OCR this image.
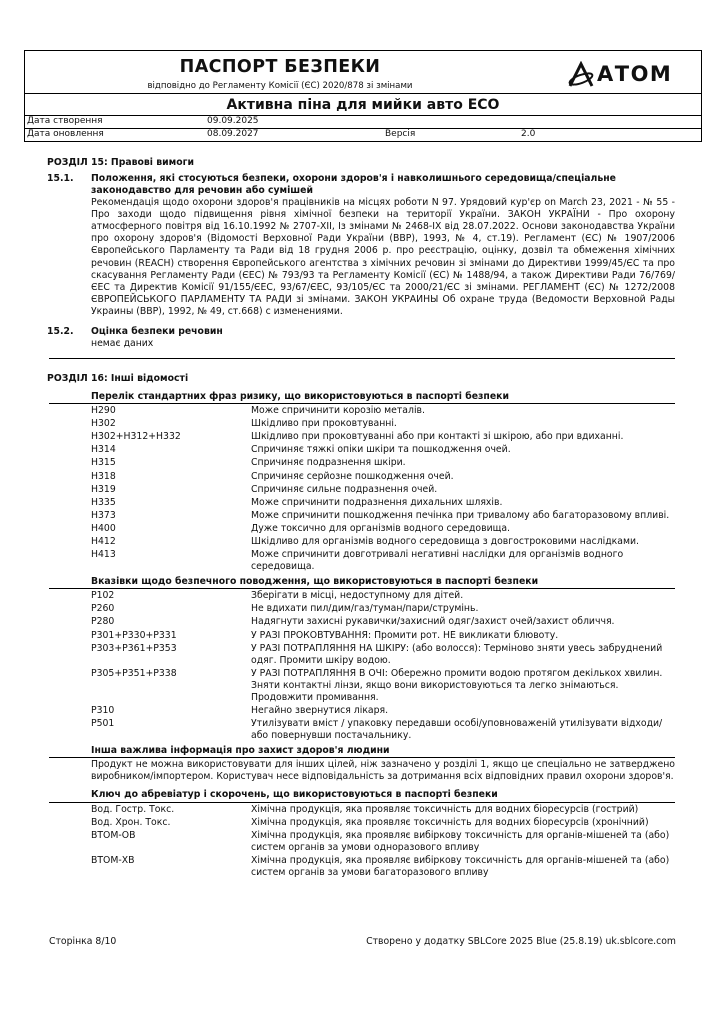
ПАСПОРТ БЕЗПЕКИ
відповідно до Регламенту Комісії (ЄС) 2020/878 зі змінами	АТОМ
Активна піна для мийки авто ECO
Дата створення	09.09.2025
Дата оновлення	08.09.2027	Версія	2.0
РОЗДІЛ 15: Правові вимоги
15.1. Положення, які стосуються безпеки, охорони здоров'я і навколишнього середовища/спеціальне законодавство для речовин або сумішей
Рекомендація щодо охорони здоров'я працівників на місцях роботи N 97. Урядовий кур'єр on March 23, 2021 - № 55 - Про заходи щодо підвищення рівня хімічної безпеки на території України. ЗАКОН УКРАЇНИ - Про охорону атмосферного повітря від 16.10.1992 № 2707-XII, Із змінами № 2468-IX від 28.07.2022. Основи законодавства України про охорону здоров'я (Відомості Верховної Ради України (ВВР), 1993, № 4, ст.19). Регламент (ЄС) № 1907/2006 Європейського Парламенту та Ради від 18 грудня 2006 р. про реєстрацію, оцінку, дозвіл та обмеження хімічних речовин (REACH) створення Європейського агентства з хімічних речовин зі змінами до Директиви 1999/45/ЄС та про скасування Регламенту Ради (ЄЕС) № 793/93 та Регламенту Комісії (ЄС) № 1488/94, а також Директиви Ради 76/769/ЄЕС та Директив Комісії 91/155/ЄЕС, 93/67/ЄЕС, 93/105/ЄС та 2000/21/ЄС зі змінами. РЕГЛАМЕНТ (ЄС) № 1272/2008 ЄВРОПЕЙСЬКОГО ПАРЛАМЕНТУ ТА РАДИ зі змінами. ЗАКОН УКРАИНЫ Об охране труда (Ведомости Верховной Рады Украины (ВВР), 1992, № 49, ст.668) с изменениями.
15.2. Оцінка безпеки речовин
немає даних
РОЗДІЛ 16: Інші відомості
Перелік стандартних фраз ризику, що використовуються в паспорті безпеки
H290	Може спричинити корозію металів.
H302	Шкідливо при проковтуванні.
H302+H312+H332	Шкідливо при проковтуванні або при контакті зі шкірою, або при вдиханні.
H314	Спричиняє тяжкі опіки шкіри та пошкодження очей.
H315	Спричиняє подразнення шкіри.
H318	Спричиняє серйозне пошкодження очей.
H319	Спричиняє сильне подразнення очей.
H335	Може спричинити подразнення дихальних шляхів.
H373	Може спричинити пошкодження печінка при тривалому або багаторазовому впливі.
H400	Дуже токсично для організмів водного середовища.
H412	Шкідливо для організмів водного середовища з довгостроковими наслідками.
H413	Може спричинити довготривалі негативні наслідки для організмів водного середовища.
Вказівки щодо безпечного поводження, що використовуються в паспорті безпеки
P102	Зберігати в місці, недоступному для дітей.
P260	Не вдихати пил/дим/газ/туман/пари/струмінь.
P280	Надягнути захисні рукавички/захисний одяг/захист очей/захист обличчя.
P301+P330+P331	У РАЗІ ПРОКОВТУВАННЯ: Промити рот. НЕ викликати блювоту.
P303+P361+P353	У РАЗІ ПОТРАПЛЯННЯ НА ШКІРУ: (або волосся): Терміново зняти увесь забруднений одяг. Промити шкіру водою.
P305+P351+P338	У РАЗІ ПОТРАПЛЯННЯ В ОЧІ: Обережно промити водою протягом декількох хвилин. Зняти контактні лінзи, якщо вони використовуються та легко знімаються. Продовжити промивання.
P310	Негайно звернутися лікаря.
P501	Утилізувати вміст / упаковку передавши особі/уповноваженій утилізувати відходи/або повернувши постачальнику.
Інша важлива інформація про захист здоров'я людини
Продукт не можна використовувати для інших цілей, ніж зазначено у розділі 1, якщо це спеціально не затверджено виробником/імпортером. Користувач несе відповідальність за дотримання всіх відповідних правил охорони здоров'я.
Ключ до абревіатур і скорочень, що використовуються в паспорті безпеки
Вод. Гостр. Токс.	Хімічна продукція, яка проявляє токсичність для водних біоресурсів (гострий)
Вод. Хрон. Токс.	Хімічна продукція, яка проявляє токсичність для водних біоресурсів (хронічний)
ВТОМ-ОВ	Хімічна продукція, яка проявляє вибіркову токсичність для органів-мішеней та (або) систем органів за умови одноразового впливу
ВТОМ-ХВ	Хімічна продукція, яка проявляє вибіркову токсичність для органів-мішеней та (або) систем органів за умови багаторазового впливу
Сторінка 8/10	Створено у додатку SBLCore 2025 Blue (25.8.19) uk.sblcore.com
